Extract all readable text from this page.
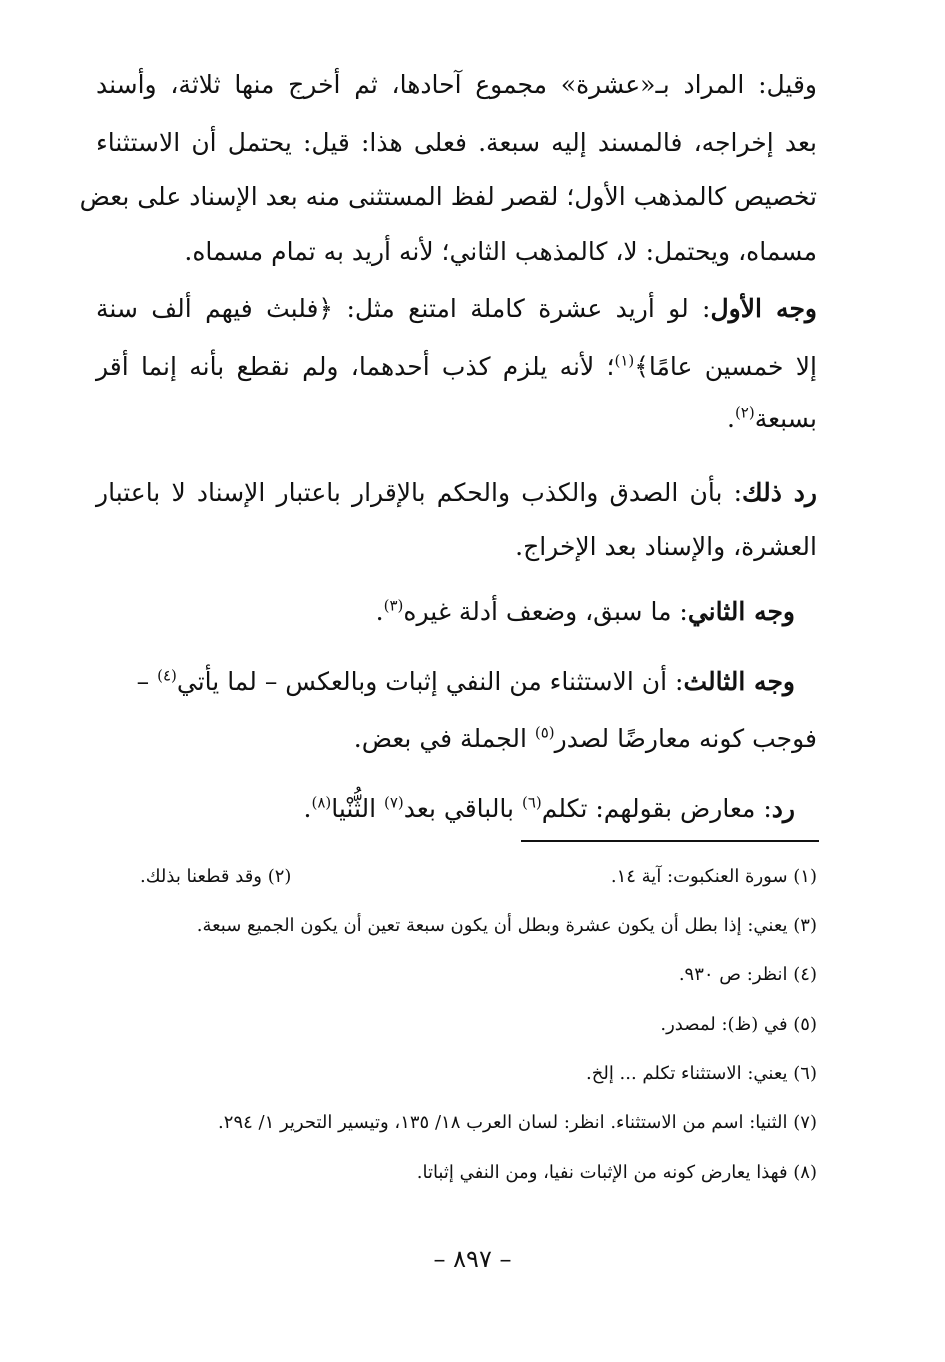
وقيل: المراد بـ«عشرة» مجموع آحادها، ثم أخرج منها ثلاثة، وأسند
بعد إخراجه، فالمسند إليه سبعة. فعلى هذا: قيل: يحتمل أن الاستثناء
تخصيص كالمذهب الأول؛ لقصر لفظ المستثنى منه بعد الإسناد على بعض
مسماه، ويحتمل: لا، كالمذهب الثاني؛ لأنه أريد به تمام مسماه.
وجه الأول: لو أريد عشرة كاملة امتنع مثل: ﴿فلبث فيهم ألف سنة
إلا خمسين عامًا﴾$^{(١)}$؛ لأنه يلزم كذب أحدهما، ولم نقطع بأنه إنما أقر
بسبعة$^{(٢)}$.
رد ذلك: بأن الصدق والكذب والحكم بالإقرار باعتبار الإسناد لا باعتبار
العشرة، والإسناد بعد الإخراج.
وجه الثاني: ما سبق، وضعف أدلة غيره$^{(٣)}$.
وجه الثالث: أن الاستثناء من النفي إثبات وبالعكس – لما يأتي$^{(٤)}$ –
فوجب كونه معارضًا لصدر$^{(٥)}$ الجملة في بعض.
رد: معارض بقولهم: تكلم$^{(٦)}$ بالباقي بعد$^{(٧)}$ الثُّنْيا$^{(٨)}$.
(١) سورة العنكبوت: آية ١٤.
(٢) وقد قطعنا بذلك.
(٣) يعني: إذا بطل أن يكون عشرة وبطل أن يكون سبعة تعين أن يكون الجميع سبعة.
(٤) انظر: ص ٩٣٠.
(٥) في (ظ): لمصدر.
(٦) يعني: الاستثناء تكلم ... إلخ.
(٧) الثنيا: اسم من الاستثناء. انظر: لسان العرب ١٨/ ١٣٥، وتيسير التحرير ١/ ٢٩٤.
(٨) فهذا يعارض كونه من الإثبات نفيا، ومن النفي إثباتا.
– ٨٩٧ –
